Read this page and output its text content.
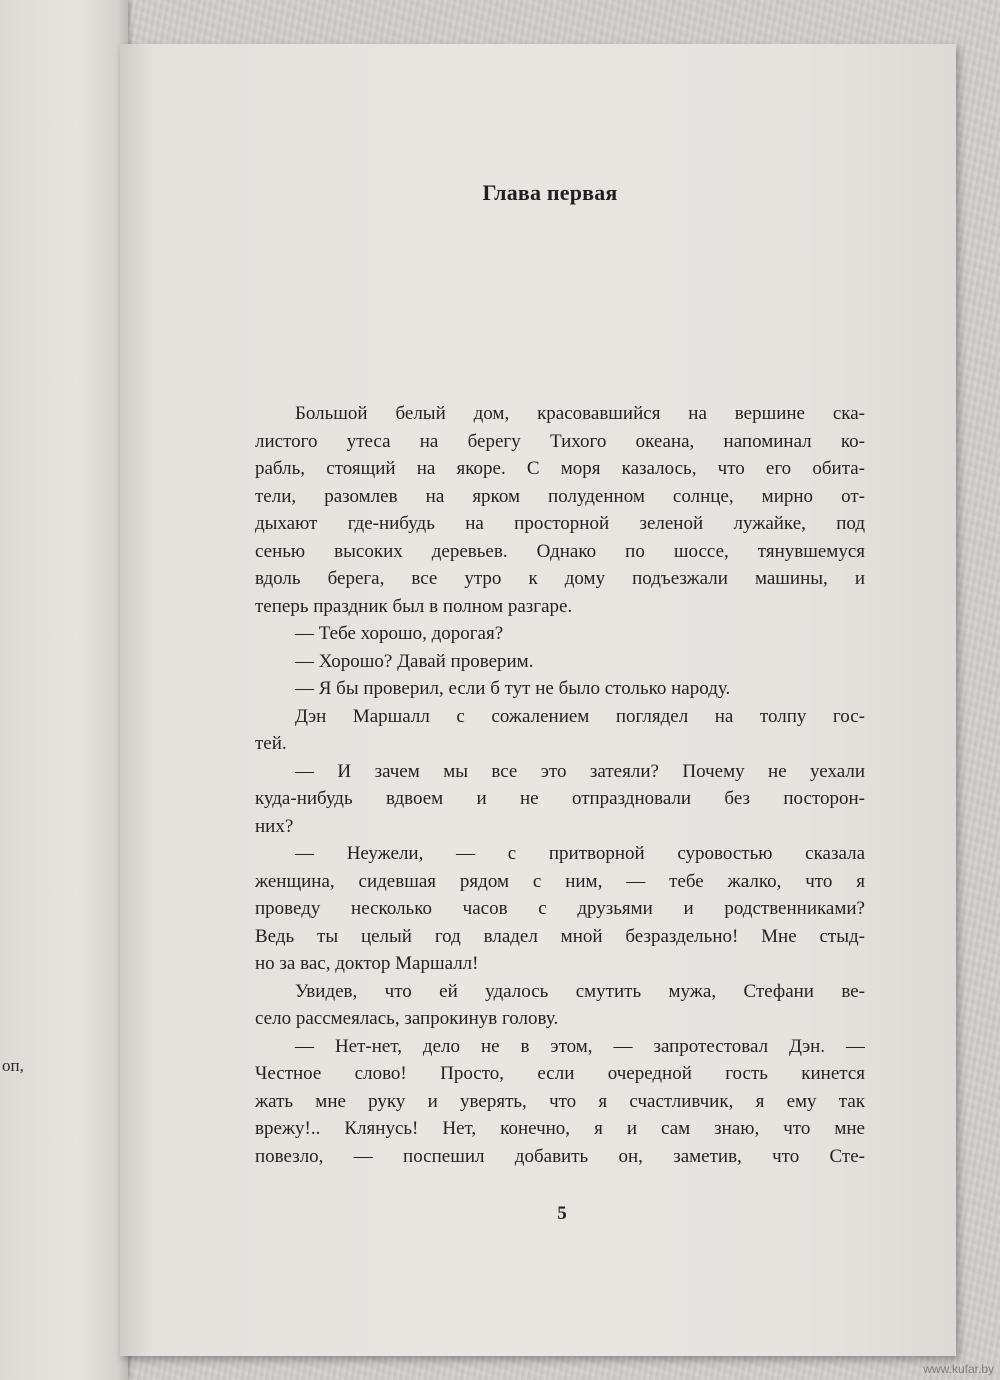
оп,
Глава первая
Большой белый дом, красовавшийся на вершине ска-
листого утеса на берегу Тихого океана, напоминал ко-
рабль, стоящий на якоре. С моря казалось, что его обита-
тели, разомлев на ярком полуденном солнце, мирно от-
дыхают где-нибудь на просторной зеленой лужайке, под
сенью высоких деревьев. Однако по шоссе, тянувшемуся
вдоль берега, все утро к дому подъезжали машины, и
теперь праздник был в полном разгаре.
— Тебе хорошо, дорогая?
— Хорошо? Давай проверим.
— Я бы проверил, если б тут не было столько народу.
Дэн Маршалл с сожалением поглядел на толпу гос-
тей.
— И зачем мы все это затеяли? Почему не уехали
куда-нибудь вдвоем и не отпраздновали без посторон-
них?
— Неужели, — с притворной суровостью сказала
женщина, сидевшая рядом с ним, — тебе жалко, что я
проведу несколько часов с друзьями и родственниками?
Ведь ты целый год владел мной безраздельно! Мне стыд-
но за вас, доктор Маршалл!
Увидев, что ей удалось смутить мужа, Стефани ве-
село рассмеялась, запрокинув голову.
— Нет-нет, дело не в этом, — запротестовал Дэн. —
Честное слово! Просто, если очередной гость кинется
жать мне руку и уверять, что я счастливчик, я ему так
врежу!.. Клянусь! Нет, конечно, я и сам знаю, что мне
повезло, — поспешил добавить он, заметив, что Сте-
5
www.kufar.by
